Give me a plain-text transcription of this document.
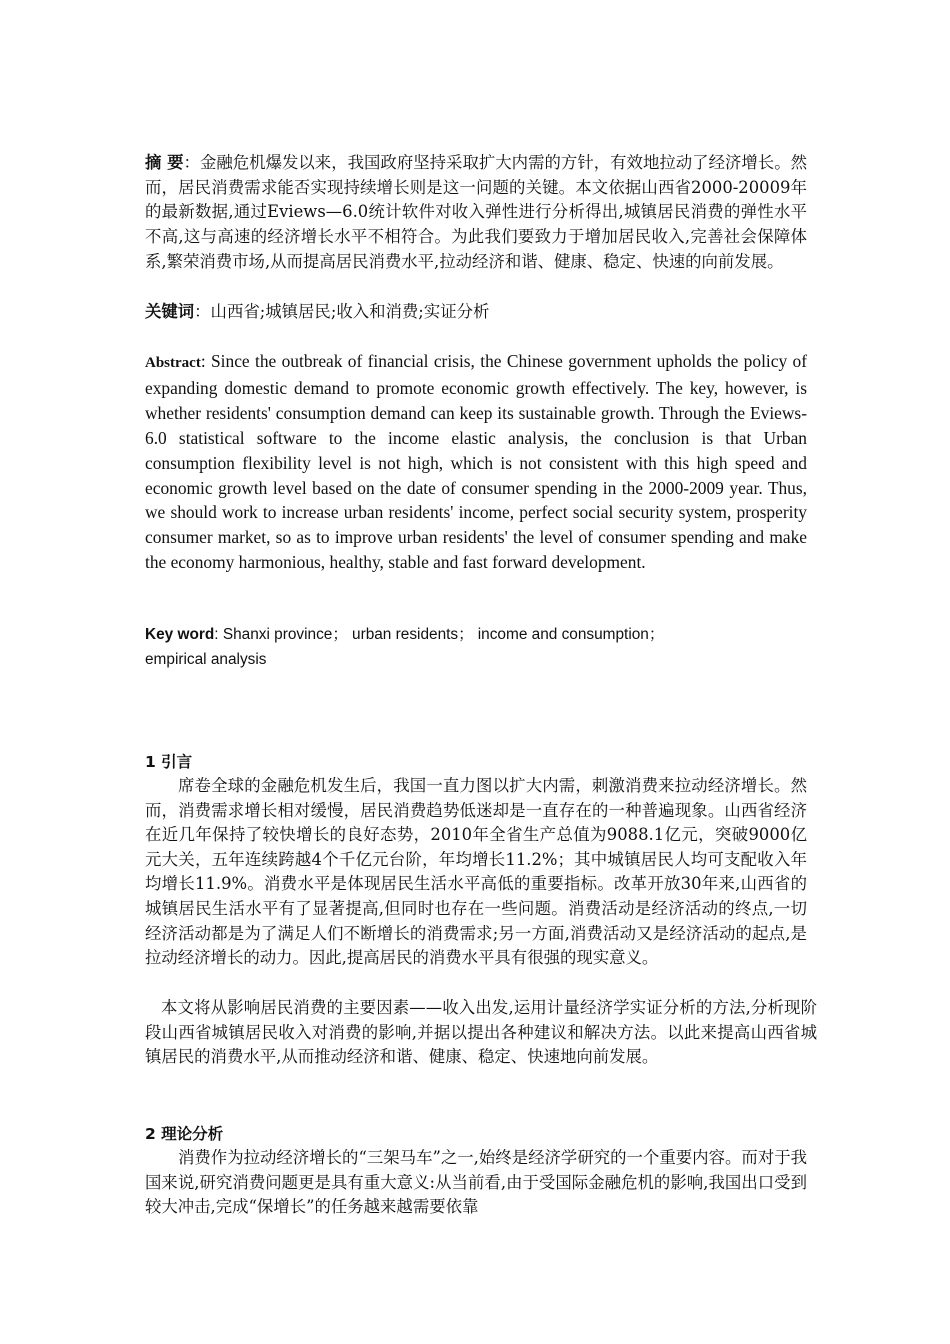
摘 要：金融危机爆发以来，我国政府坚持采取扩大内需的方针，有效地拉动了经济增长。然而，居民消费需求能否实现持续增长则是这一问题的关键。本文依据山西省2000-20009年的最新数据,通过Eviews—6.0统计软件对收入弹性进行分析得出,城镇居民消费的弹性水平不高,这与高速的经济增长水平不相符合。为此我们要致力于增加居民收入,完善社会保障体系,繁荣消费市场,从而提高居民消费水平,拉动经济和谐、健康、稳定、快速的向前发展。
关键词：山西省;城镇居民;收入和消费;实证分析
Abstract: Since the outbreak of financial crisis, the Chinese government upholds the policy of expanding domestic demand to promote economic growth effectively. The key, however, is whether residents' consumption demand can keep its sustainable growth. Through the Eviews-6.0 statistical software to the income elastic analysis, the conclusion is that Urban consumption flexibility level is not high, which is not consistent with this high speed and economic growth level based on the date of consumer spending in the 2000-2009 year. Thus, we should work to increase urban residents' income, perfect social security system, prosperity consumer market, so as to improve urban residents' the level of consumer spending and make the economy harmonious, healthy, stable and fast forward development.
Key word: Shanxi province； urban residents； income and consumption；
empirical analysis
1 引言
席卷全球的金融危机发生后，我国一直力图以扩大内需，刺激消费来拉动经济增长。然而，消费需求增长相对缓慢，居民消费趋势低迷却是一直存在的一种普遍现象。山西省经济在近几年保持了较快增长的良好态势，2010年全省生产总值为9088.1亿元，突破9000亿元大关，五年连续跨越4个千亿元台阶，年均增长11.2%；其中城镇居民人均可支配收入年均增长11.9%。消费水平是体现居民生活水平高低的重要指标。改革开放30年来,山西省的城镇居民生活水平有了显著提高,但同时也存在一些问题。消费活动是经济活动的终点,一切经济活动都是为了满足人们不断增长的消费需求;另一方面,消费活动又是经济活动的起点,是拉动经济增长的动力。因此,提高居民的消费水平具有很强的现实意义。
本文将从影响居民消费的主要因素——收入出发,运用计量经济学实证分析的方法,分析现阶段山西省城镇居民收入对消费的影响,并据以提出各种建议和解决方法。以此来提高山西省城镇居民的消费水平,从而推动经济和谐、健康、稳定、快速地向前发展。
2 理论分析
消费作为拉动经济增长的“三架马车”之一,始终是经济学研究的一个重要内容。而对于我国来说,研究消费问题更是具有重大意义:从当前看,由于受国际金融危机的影响,我国出口受到较大冲击,完成“保增长”的任务越来越需要依靠
